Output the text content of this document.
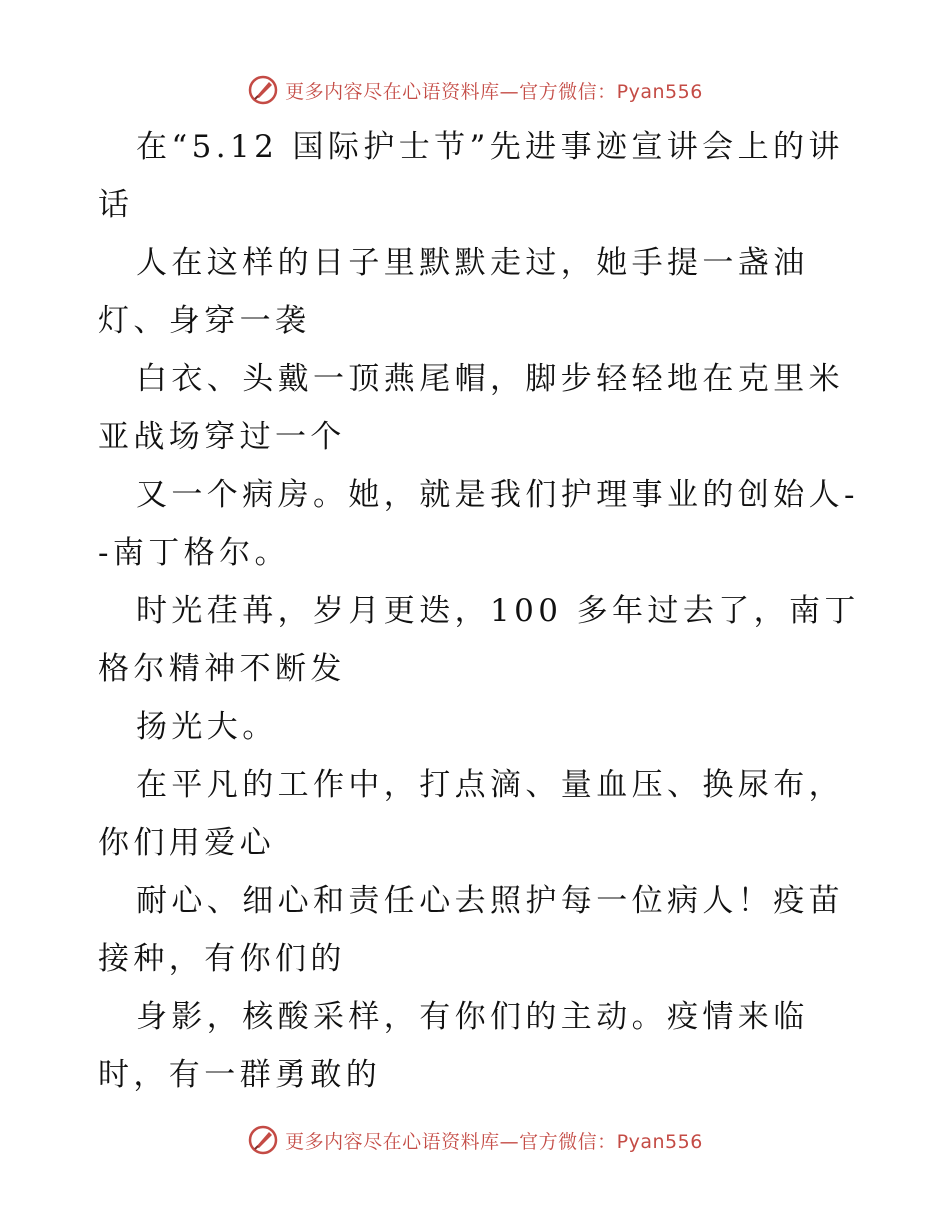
更多内容尽在心语资料库—官方微信：Pyan556

在“5.12 国际护士节”先进事迹宣讲会上的讲话

人在这样的日子里默默走过，她手提一盏油灯、身穿一袭

白衣、头戴一顶燕尾帽，脚步轻轻地在克里米亚战场穿过一个

又一个病房。她，就是我们护理事业的创始人--南丁格尔。

时光荏苒，岁月更迭，100 多年过去了，南丁格尔精神不断发

扬光大。

在平凡的工作中，打点滴、量血压、换尿布，你们用爱心

耐心、细心和责任心去照护每一位病人！疫苗接种，有你们的

身影，核酸采样，有你们的主动。疫情来临时，有一群勇敢的

更多内容尽在心语资料库—官方微信：Pyan556
